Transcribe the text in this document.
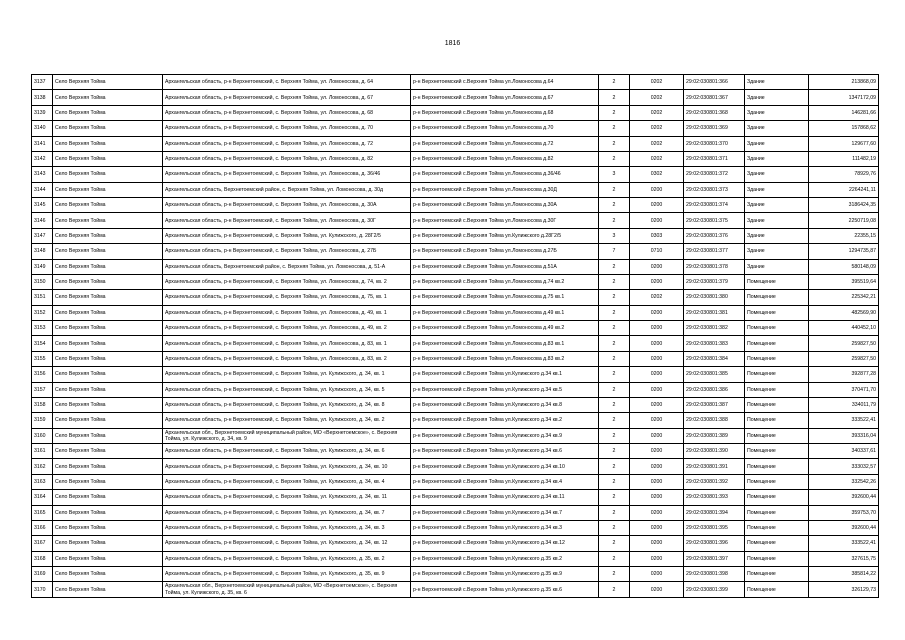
1816
3137	Село Верхняя Тойма	Архангельская область, р-н Верхнетоемский, с. Верхняя Тойма, ул. Ломоносова, д. 64	р-н Верхнетоемский с.Верхняя Тойма ул.Ломоносова д.64	2	0202	29:02:030801:366	Здание	213868,09
3138	Село Верхняя Тойма	Архангельская область, р-н Верхнетоемский, с. Верхняя Тойма, ул. Ломоносова, д. 67	р-н Верхнетоемский с.Верхняя Тойма ул.Ломоносова д.67	2	0202	29:02:030801:367	Здание	1347172,09
3139	Село Верхняя Тойма	Архангельская область, р-н Верхнетоемский, с. Верхняя Тойма, ул. Ломоносова, д. 68	р-н Верхнетоемский с.Верхняя Тойма ул.Ломоносова д.68	2	0202	29:02:030801:368	Здание	146281,66
3140	Село Верхняя Тойма	Архангельская область, р-н Верхнетоемский, с. Верхняя Тойма, ул. Ломоносова, д. 70	р-н Верхнетоемский с.Верхняя Тойма ул.Ломоносова д.70	2	0202	29:02:030801:369	Здание	157868,62
3141	Село Верхняя Тойма	Архангельская область, р-н Верхнетоемский, с. Верхняя Тойма, ул. Ломоносова, д. 72	р-н Верхнетоемский с.Верхняя Тойма ул.Ломоносова д.72	2	0202	29:02:030801:370	Здание	129677,60
3142	Село Верхняя Тойма	Архангельская область, р-н Верхнетоемский, с. Верхняя Тойма, ул. Ломоносова, д. 82	р-н Верхнетоемский с.Верхняя Тойма ул.Ломоносова д.82	2	0202	29:02:030801:371	Здание	111482,19
3143	Село Верхняя Тойма	Архангельская область, р-н Верхнетоемский, с. Верхняя Тойма, ул. Ломоносова, д. 36/46	р-н Верхнетоемский с.Верхняя Тойма ул.Ломоносова д.36/46	3	0302	29:02:030801:372	Здание	78929,76
3144	Село Верхняя Тойма	Архангельская область, Верхнетоемский район, с. Верхняя Тойма, ул. Ломоносова, д. 30д	р-н Верхнетоемский с.Верхняя Тойма ул.Ломоносова д.30Д	2	0200	29:02:030801:373	Здание	2264241,11
3145	Село Верхняя Тойма	Архангельская область, р-н Верхнетоемский, с. Верхняя Тойма, ул. Ломоносова, д. 30А	р-н Верхнетоемский с.Верхняя Тойма ул.Ломоносова д.30А	2	0200	29:02:030801:374	Здание	3186424,35
3146	Село Верхняя Тойма	Архангельская область, р-н Верхнетоемский, с. Верхняя Тойма, ул. Ломоносова, д. 30Г	р-н Верхнетоемский с.Верхняя Тойма ул.Ломоносова д.30Г	2	0200	29:02:030801:375	Здание	2250719,08
3147	Село Верхняя Тойма	Архангельская область, р-н Верхнетоемский, с. Верхняя Тойма, ул. Кулижского, д. 28Г2/5	р-н Верхнетоемский с.Верхняя Тойма ул.Кулижского д.28Г2/5	3	0303	29:02:030801:376	Здание	22355,15
3148	Село Верхняя Тойма	Архангельская область, р-н Верхнетоемский, с. Верхняя Тойма, ул. Ломоносова, д. 27Б	р-н Верхнетоемский с.Верхняя Тойма ул.Ломоносова д.27Б	7	0710	29:02:030801:377	Здание	1294735,87
3149	Село Верхняя Тойма	Архангельская область, Верхнетоемский район, с. Верхняя Тойма, ул. Ломоносова, д. 51-А	р-н Верхнетоемский с.Верхняя Тойма ул.Ломоносова д.51А	2	0200	29:02:030801:378	Здание	580148,09
3150	Село Верхняя Тойма	Архангельская область, р-н Верхнетоемский, с. Верхняя Тойма, ул. Ломоносова, д. 74, кв. 2	р-н Верхнетоемский с.Верхняя Тойма ул.Ломоносова д.74 кв.2	2	0200	29:02:030801:379	Помещение	395519,64
3151	Село Верхняя Тойма	Архангельская область, р-н Верхнетоемский, с. Верхняя Тойма, ул. Ломоносова, д. 75, кв. 1	р-н Верхнетоемский с.Верхняя Тойма ул.Ломоносова д.75 кв.1	2	0202	29:02:030801:380	Помещение	225342,21
3152	Село Верхняя Тойма	Архангельская область, р-н Верхнетоемский, с. Верхняя Тойма, ул. Ломоносова, д. 49, кв. 1	р-н Верхнетоемский с.Верхняя Тойма ул.Ломоносова д.49 кв.1	2	0200	29:02:030801:381	Помещение	482569,90
3153	Село Верхняя Тойма	Архангельская область, р-н Верхнетоемский, с. Верхняя Тойма, ул. Ломоносова, д. 49, кв. 2	р-н Верхнетоемский с.Верхняя Тойма ул.Ломоносова д.49 кв.2	2	0200	29:02:030801:382	Помещение	440452,10
3154	Село Верхняя Тойма	Архангельская область, р-н Верхнетоемский, с. Верхняя Тойма, ул. Ломоносова, д. 83, кв. 1	р-н Верхнетоемский с.Верхняя Тойма ул.Ломоносова д.83 кв.1	2	0200	29:02:030801:383	Помещение	259827,50
3155	Село Верхняя Тойма	Архангельская область, р-н Верхнетоемский, с. Верхняя Тойма, ул. Ломоносова, д. 83, кв. 2	р-н Верхнетоемский с.Верхняя Тойма ул.Ломоносова д.83 кв.2	2	0200	29:02:030801:384	Помещение	259827,50
3156	Село Верхняя Тойма	Архангельская область, р-н Верхнетоемский, с. Верхняя Тойма, ул. Кулижского, д. 34, кв. 1	р-н Верхнетоемский с.Верхняя Тойма ул.Кулижского д.34 кв.1	2	0200	29:02:030801:385	Помещение	392877,28
3157	Село Верхняя Тойма	Архангельская область, р-н Верхнетоемский, с. Верхняя Тойма, ул. Кулижского, д. 34, кв. 5	р-н Верхнетоемский с.Верхняя Тойма ул.Кулижского д.34 кв.5	2	0200	29:02:030801:386	Помещение	370471,70
3158	Село Верхняя Тойма	Архангельская область, р-н Верхнетоемский, с. Верхняя Тойма, ул. Кулижского, д. 34, кв. 8	р-н Верхнетоемский с.Верхняя Тойма ул.Кулижского д.34 кв.8	2	0200	29:02:030801:387	Помещение	334011,79
3159	Село Верхняя Тойма	Архангельская область, р-н Верхнетоемский, с. Верхняя Тойма, ул. Кулижского, д. 34, кв. 2	р-н Верхнетоемский с.Верхняя Тойма ул.Кулижского д.34 кв.2	2	0200	29:02:030801:388	Помещение	333522,41
3160	Село Верхняя Тойма	Архангельская обл., Верхнетоемский муниципальный район, МО «Верхнетоемское», с. Верхняя Тойма, ул. Кулижского, д. 34, кв. 9	р-н Верхнетоемский с.Верхняя Тойма ул.Кулижского д.34 кв.9	2	0200	29:02:030801:389	Помещение	393316,04
3161	Село Верхняя Тойма	Архангельская область, р-н Верхнетоемский, с. Верхняя Тойма, ул. Кулижского, д. 34, кв. 6	р-н Верхнетоемский с.Верхняя Тойма ул.Кулижского д.34 кв.6	2	0200	29:02:030801:390	Помещение	340337,61
3162	Село Верхняя Тойма	Архангельская область, р-н Верхнетоемский, с. Верхняя Тойма, ул. Кулижского, д. 34, кв. 10	р-н Верхнетоемский с.Верхняя Тойма ул.Кулижского д.34 кв.10	2	0200	29:02:030801:391	Помещение	333032,57
3163	Село Верхняя Тойма	Архангельская область, р-н Верхнетоемский, с. Верхняя Тойма, ул. Кулижского, д. 34, кв. 4	р-н Верхнетоемский с.Верхняя Тойма ул.Кулижского д.34 кв.4	2	0200	29:02:030801:392	Помещение	332542,26
3164	Село Верхняя Тойма	Архангельская область, р-н Верхнетоемский, с. Верхняя Тойма, ул. Кулижского, д. 34, кв. 11	р-н Верхнетоемский с.Верхняя Тойма ул.Кулижского д.34 кв.11	2	0200	29:02:030801:393	Помещение	392600,44
3165	Село Верхняя Тойма	Архангельская область, р-н Верхнетоемский, с. Верхняя Тойма, ул. Кулижского, д. 34, кв. 7	р-н Верхнетоемский с.Верхняя Тойма ул.Кулижского д.34 кв.7	2	0200	29:02:030801:394	Помещение	359753,70
3166	Село Верхняя Тойма	Архангельская область, р-н Верхнетоемский, с. Верхняя Тойма, ул. Кулижского, д. 34, кв. 3	р-н Верхнетоемский с.Верхняя Тойма ул.Кулижского д.34 кв.3	2	0200	29:02:030801:395	Помещение	392600,44
3167	Село Верхняя Тойма	Архангельская область, р-н Верхнетоемский, с. Верхняя Тойма, ул. Кулижского, д. 34, кв. 12	р-н Верхнетоемский с.Верхняя Тойма ул.Кулижского д.34 кв.12	2	0200	29:02:030801:396	Помещение	333522,41
3168	Село Верхняя Тойма	Архангельская область, р-н Верхнетоемский, с. Верхняя Тойма, ул. Кулижского, д. 35, кв. 2	р-н Верхнетоемский с.Верхняя Тойма ул.Кулижского д.35 кв.2	2	0200	29:02:030801:397	Помещение	327615,75
3169	Село Верхняя Тойма	Архангельская область, р-н Верхнетоемский, с. Верхняя Тойма, ул. Кулижского, д. 35, кв. 9	р-н Верхнетоемский с.Верхняя Тойма ул.Кулижского д.35 кв.9	2	0200	29:02:030801:398	Помещение	385814,22
3170	Село Верхняя Тойма	Архангельская обл., Верхнетоемский муниципальный район, МО «Верхнетоемское», с. Верхняя Тойма, ул. Кулижского, д. 35, кв. 6	р-н Верхнетоемский с.Верхняя Тойма ул.Кулижского д.35 кв.6	2	0200	29:02:030801:399	Помещение	326129,73
